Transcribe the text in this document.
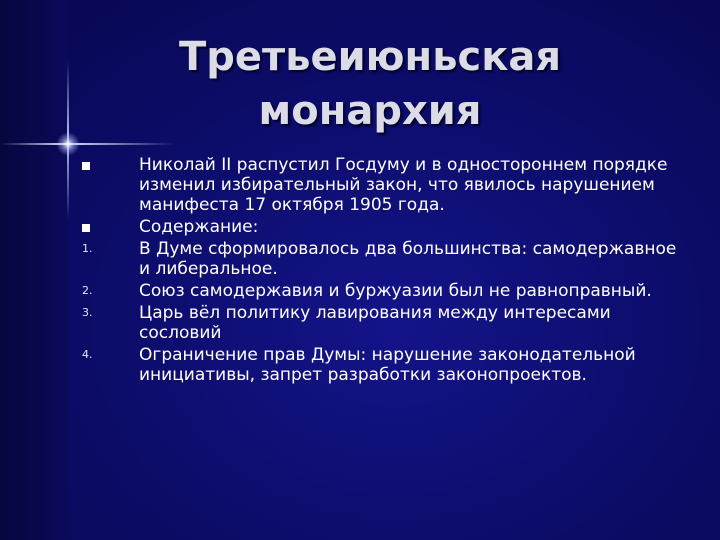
Третьеиюньская
монархия
Николай II распустил Госдуму и в одностороннем порядке изменил избирательный закон, что явилось нарушением манифеста 17 октября 1905 года.
Содержание:
1.	В Думе сформировалось два большинства: самодержавное и либеральное.
2.	Союз самодержавия и буржуазии был не равноправный.
3.	Царь вёл политику лавирования между интересами сословий
4.	Ограничение прав Думы: нарушение законодательной инициативы, запрет разработки законопроектов.
